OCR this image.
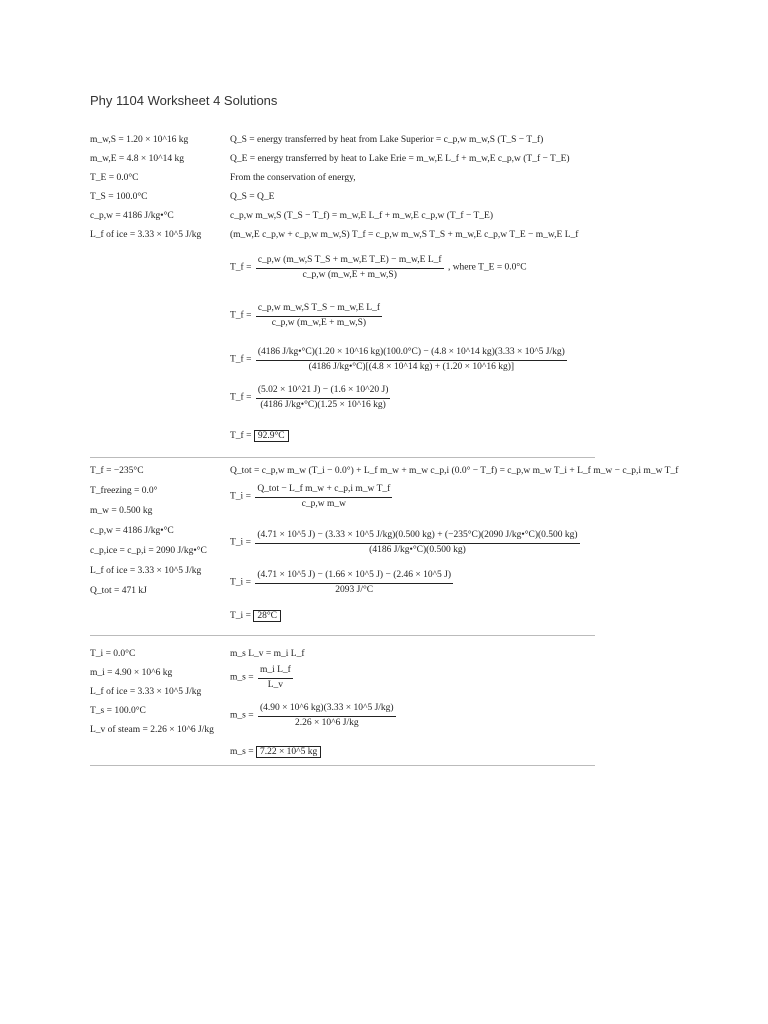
Phy 1104 Worksheet 4 Solutions
m_w,S = 1.20 × 10^16 kg
m_w,E = 4.8 × 10^14 kg
T_E = 0.0°C
T_S = 100.0°C
c_p,w = 4186 J/kg•°C
L_f of ice = 3.33 × 10^5 J/kg
Q_S = energy transferred by heat from Lake Superior = c_p,w m_w,S (T_S − T_f)
Q_E = energy transferred by heat to Lake Erie = m_w,E L_f + m_w,E c_p,w (T_f − T_E)
From the conservation of energy,
Q_S = Q_E
c_p,w m_w,S (T_S − T_f) = m_w,E L_f + m_w,E c_p,w (T_f − T_E)
(m_w,E c_p,w + c_p,w m_w,S) T_f = c_p,w m_w,S T_S + m_w,E c_p,w T_E − m_w,E L_f
T_f = $\frac{\text{c\_p,w (m\_w,S T\_S + m\_w,E T\_E) − m\_w,E L\_f}}{c\_p,w (m\_w,E + m\_w,S)}$ , where T_E = 0.0°C
T_f = $\frac{\text{c\_p,w m\_w,S T\_S − m\_w,E L\_f}}{c\_p,w (m\_w,E + m\_w,S)}$
T_f =
(4186 J/kg•°C)(1.20 × 10^16 kg)(100.0°C) − (4.8 × 10^14 kg)(3.33 × 10^5 J/kg)
(4186 J/kg•°C)[(4.8 × 10^14 kg) + (1.20 × 10^16 kg)]
T_f = $\frac{(5.02 \times 10\^{}21 J) - (1.6 \times 10\^{}20 J)}{(4186 J/kg•^\circ C)(1.25 \times 10\^{}16 kg)}$
T_f = 92.9°C
T_f = −235°C
T_freezing = 0.0°
m_w = 0.500 kg
c_p,w = 4186 J/kg•°C
c_p,ice = c_p,i = 2090 J/kg•°C
L_f of ice = 3.33 × 10^5 J/kg
Q_tot = 471 kJ
Q_tot = c_p,w m_w (T_i − 0.0°) + L_f m_w + m_w c_p,i (0.0° − T_f) = c_p,w m_w T_i + L_f m_w − c_p,i m_w T_f
T_i = $\frac{\text{Q\_tot − L\_f m\_w + c\_p,i m\_w T\_f}}{\text{c\_p,w m\_w}}$
T_i =
(4.71 × 10^5 J) − (3.33 × 10^5 J/kg)(0.500 kg) + (−235°C)(2090 J/kg•°C)(0.500 kg)
(4186 J/kg•°C)(0.500 kg)
T_i = $\frac{(4.71 \times 10\^{}5 J) - (1.66 \times 10\^{}5 J) - (2.46 \times 10\^{}5 J)}{2093 J/^\circ C}$
T_i = 28°C
T_i = 0.0°C
m_i = 4.90 × 10^6 kg
L_f of ice = 3.33 × 10^5 J/kg
T_s = 100.0°C
L_v of steam = 2.26 × 10^6 J/kg
m_s L_v = m_i L_f
m_s = $\frac{\text{m\_i L\_f}}{L\_v}$
m_s = $\frac{(4.90 \times 10\^{}6 kg)(3.33 \times 10\^{}5 J/kg)}{2.26 \times 10\^{}6 J/kg}$
m_s = 7.22 × 10^5 kg
